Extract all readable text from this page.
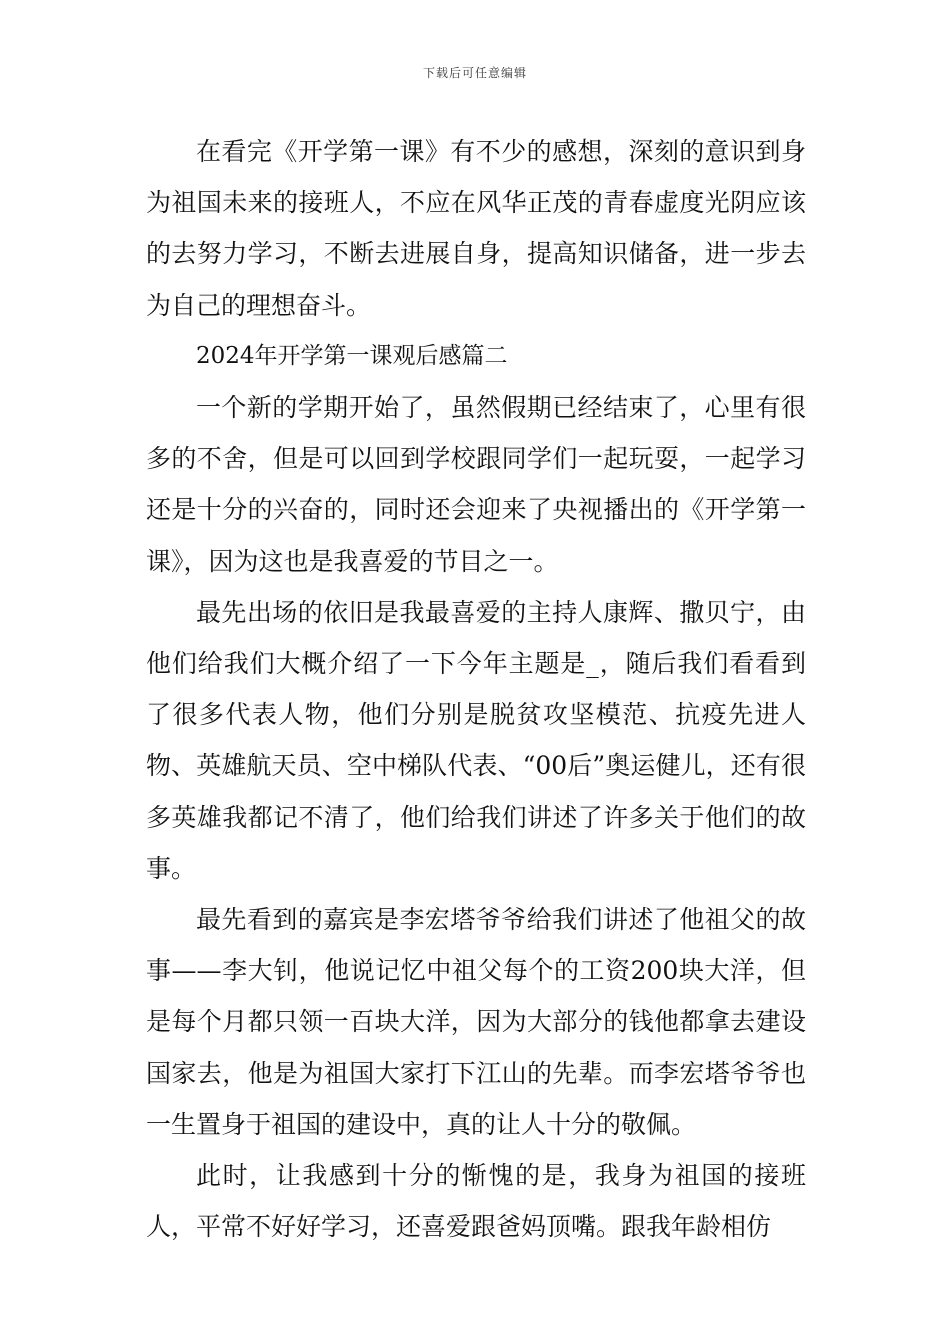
下载后可任意编辑

在看完《开学第一课》有不少的感想，深刻的意识到身为祖国未来的接班人，不应在风华正茂的青春虚度光阴应该的去努力学习，不断去进展自身，提高知识储备，进一步去为自己的理想奋斗。

2024年开学第一课观后感篇二

一个新的学期开始了，虽然假期已经结束了，心里有很多的不舍，但是可以回到学校跟同学们一起玩耍，一起学习还是十分的兴奋的，同时还会迎来了央视播出的《开学第一课》，因为这也是我喜爱的节目之一。

最先出场的依旧是我最喜爱的主持人康辉、撒贝宁，由他们给我们大概介绍了一下今年主题是_，随后我们看看到了很多代表人物，他们分别是脱贫攻坚模范、抗疫先进人物、英雄航天员、空中梯队代表、“00后”奥运健儿，还有很多英雄我都记不清了，他们给我们讲述了许多关于他们的故事。

最先看到的嘉宾是李宏塔爷爷给我们讲述了他祖父的故事——李大钊，他说记忆中祖父每个的工资200块大洋，但是每个月都只领一百块大洋，因为大部分的钱他都拿去建设国家去，他是为祖国大家打下江山的先辈。而李宏塔爷爷也一生置身于祖国的建设中，真的让人十分的敬佩。

此时，让我感到十分的惭愧的是，我身为祖国的接班人，平常不好好学习，还喜爱跟爸妈顶嘴。跟我年龄相仿
